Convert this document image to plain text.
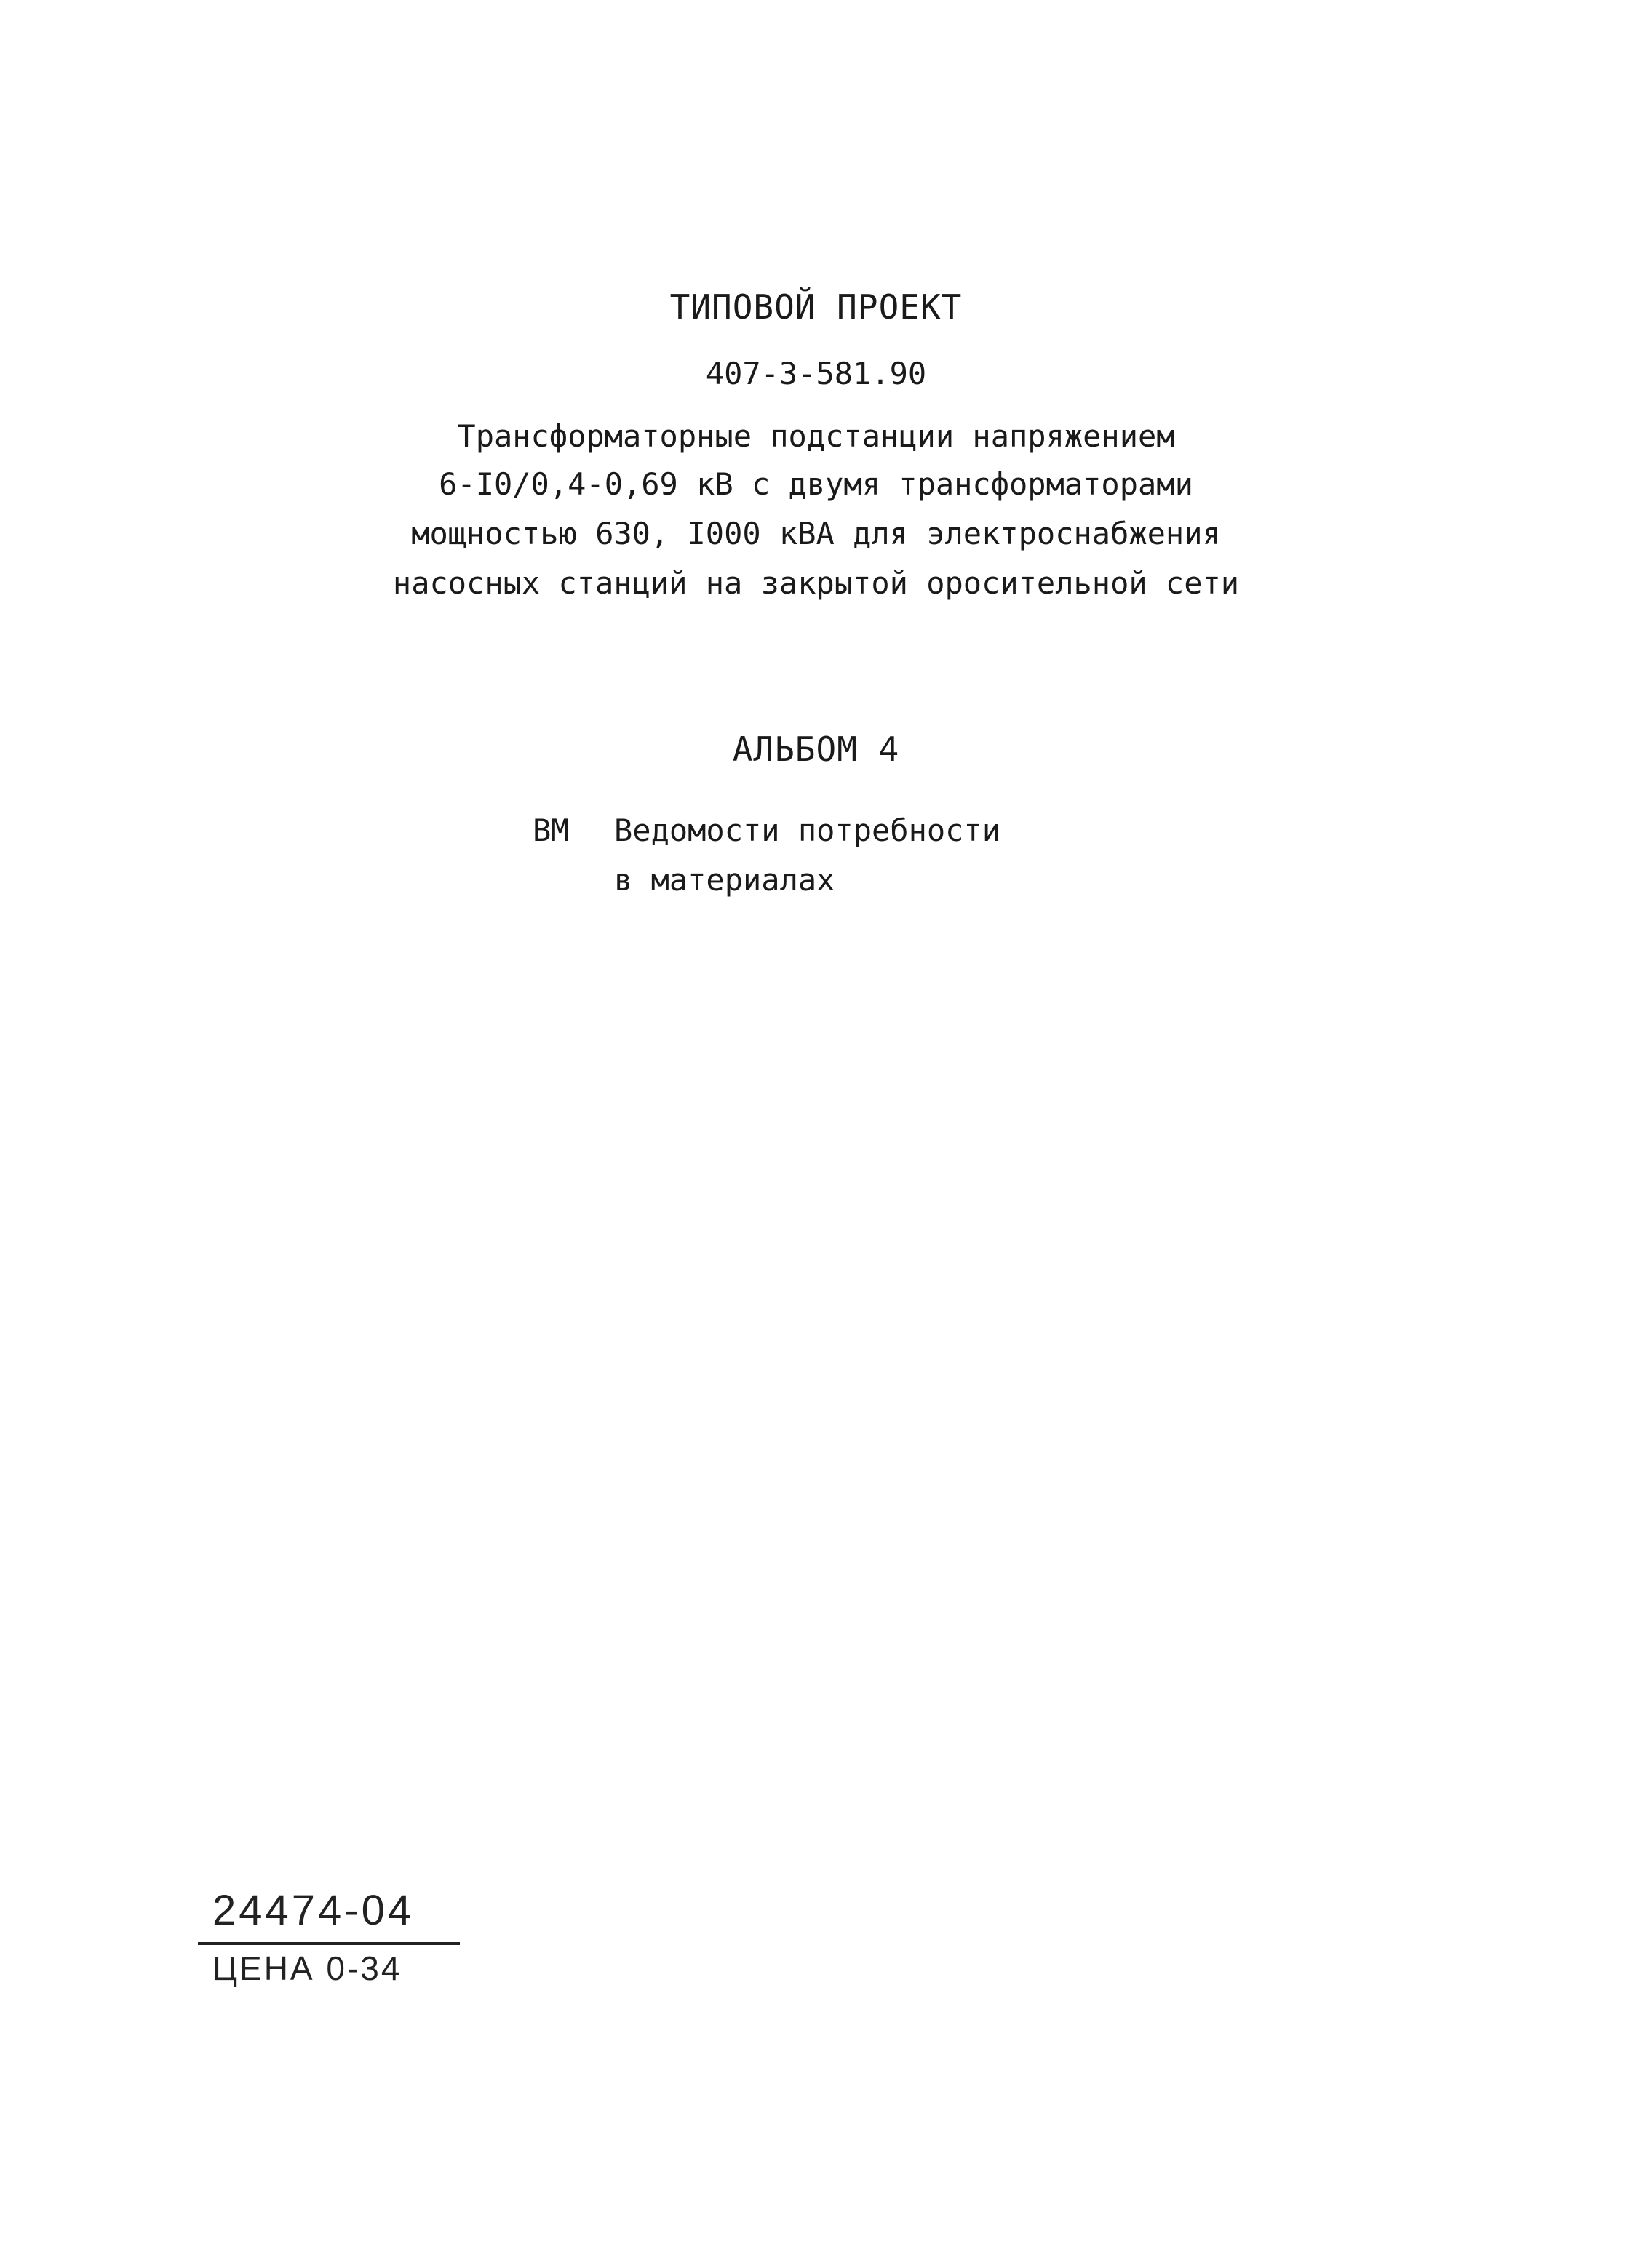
ТИПОВОЙ ПРОЕКТ
407-3-581.90
Трансформаторные подстанции напряжением
6-I0/0,4-0,69 кВ с двумя трансформаторами
мощностью 630, I000 кВА для электроснабжения
насосных станций на закрытой оросительной сети
АЛЬБОМ 4
ВМ Ведомости потребности
в материалах
24474-04
ЦЕНА 0-34
